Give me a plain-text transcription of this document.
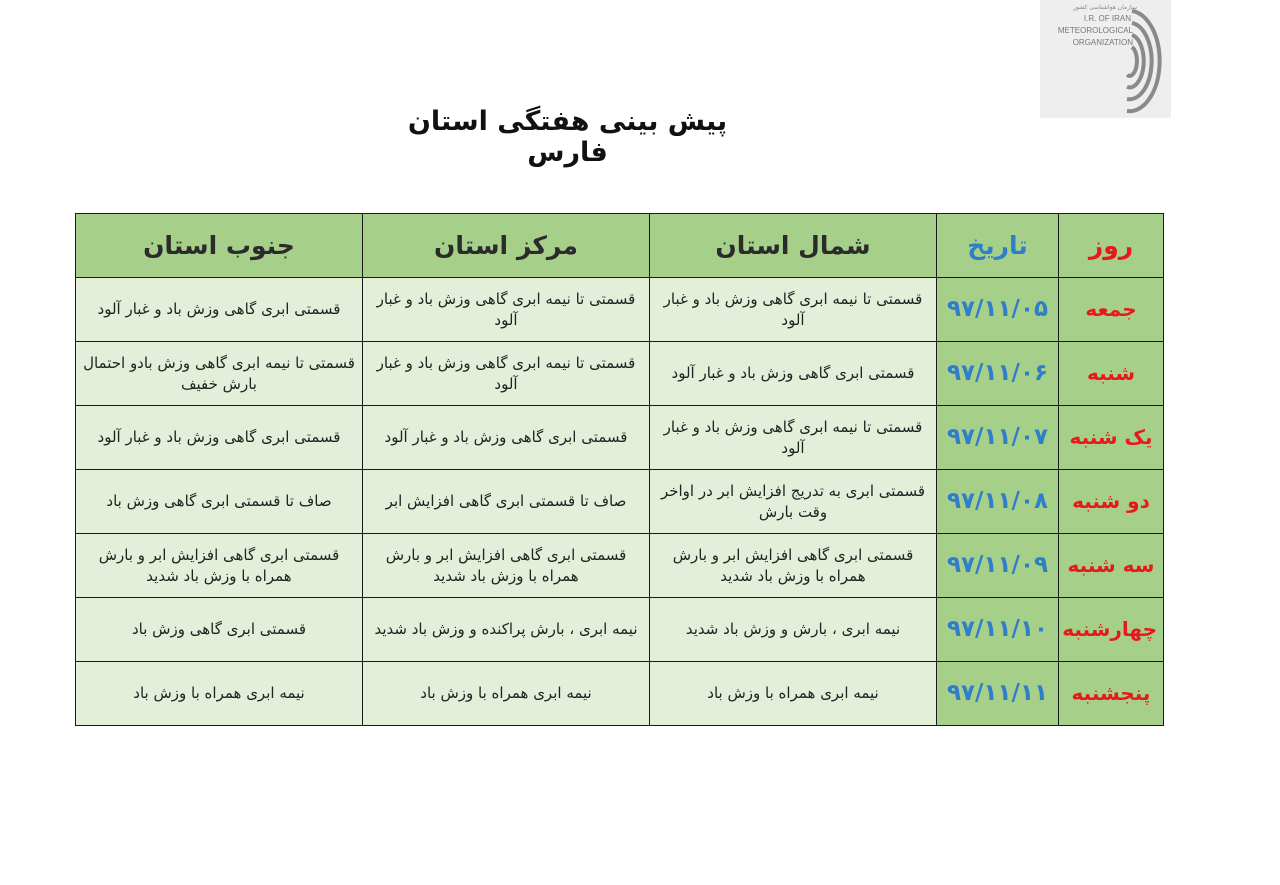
سازمان هواشناسی کشور
I.R. OF IRAN
METEOROLOGICAL
ORGANIZATION
پیش بینی هفتگی استان فارس
روز	تاریخ	شمال استان	مرکز استان	جنوب استان
جمعه	۹۷/۱۱/۰۵	قسمتی تا نیمه ابری گاهی وزش باد و غبار آلود	قسمتی تا نیمه ابری گاهی وزش باد و غبار آلود	قسمتی ابری گاهی وزش باد و غبار آلود
شنبه	۹۷/۱۱/۰۶	قسمتی ابری گاهی وزش باد و غبار آلود	قسمتی تا نیمه ابری گاهی وزش باد و غبار آلود	قسمتی تا نیمه ابری گاهی وزش بادو احتمال بارش خفیف
یک شنبه	۹۷/۱۱/۰۷	قسمتی تا نیمه ابری گاهی وزش باد و غبار آلود	قسمتی ابری گاهی وزش باد و غبار آلود	قسمتی ابری گاهی وزش باد و غبار آلود
دو شنبه	۹۷/۱۱/۰۸	قسمتی ابری به تدریج افزایش ابر در اواخر وقت بارش	صاف تا قسمتی ابری گاهی افزایش ابر	صاف تا قسمتی ابری گاهی وزش باد
سه شنبه	۹۷/۱۱/۰۹	قسمتی ابری گاهی افزایش ابر و بارش همراه با وزش باد شدید	قسمتی ابری گاهی افزایش ابر و بارش همراه با وزش باد شدید	قسمتی ابری گاهی افزایش ابر و بارش همراه با وزش باد شدید
چهارشنبه	۹۷/۱۱/۱۰	نیمه ابری ، بارش و وزش باد شدید	نیمه ابری ، بارش پراکنده و وزش باد شدید	قسمتی ابری گاهی وزش باد
پنجشنبه	۹۷/۱۱/۱۱	نیمه ابری همراه با وزش باد	نیمه ابری همراه با وزش باد	نیمه ابری همراه با وزش باد
